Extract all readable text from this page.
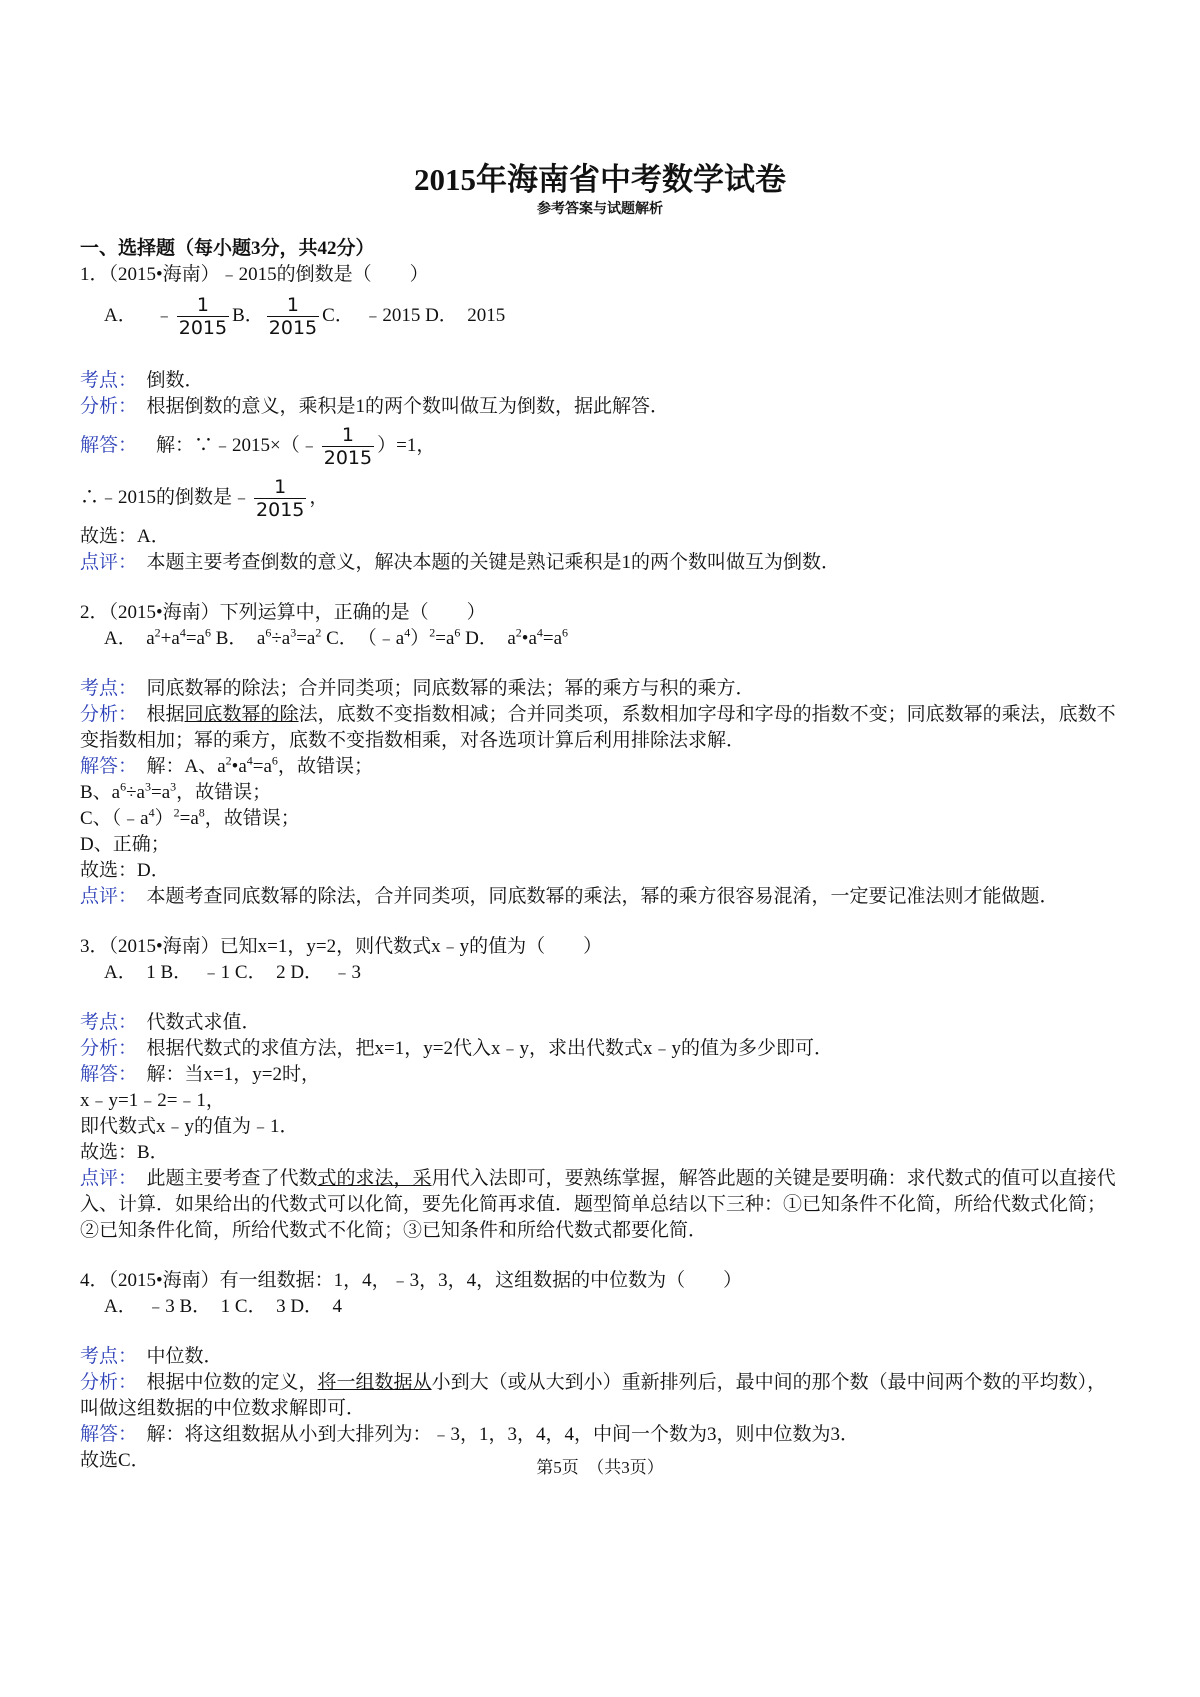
2015年海南省中考数学试卷

参考答案与试题解析

一、选择题（每小题3分，共42分）

1．（2015•海南）﹣2015的倒数是（　　）

A． ﹣ $\frac{1}{2015}$ B． $\frac{1}{2015}$ C．　﹣2015 D．　2015

考点：　 倒数．

分析：　 根据倒数的意义，乘积是1的两个数叫做互为倒数，据此解答．

解答：
　 解：∵﹣2015×（﹣ $\frac{1}{2015} )=1$，

∴﹣2015的倒数是﹣ $\frac{1}{2015}$ ，

故选：A．

点评：　 本题主要考查倒数的意义，解决本题的关键是熟记乘积是1的两个数叫做互为倒数．

2．（2015•海南）下列运算中，正确的是（　　）

A．　$a^2+a^4=a^6$ B．　$a^6\div a^3=a^2$ C．　$(﹣a^4)^2=a^6$ D．　$a^2•a^4=a^6$

考点：　 同底数幂的除法；合并同类项；同底数幂的乘法；幂的乘方与积的乘方．

分析：　 根据同底数幂的除法，底数不变指数相减；合并同类项，系数相加字母和字母的指数不变；同底数幂的乘法，底数不变指数相加；幂的乘方，底数不变指数相乘，对各选项计算后利用排除法求解．

解答：　解：A、$a^2•a^4=a^6$，故错误；

B、$a^6\div a^3=a^3$，故错误；

C、$(﹣a^4)^2=a^8$，故错误；

D、正确；

故选：D．

点评：　 本题考查同底数幂的除法，合并同类项，同底数幂的乘法，幂的乘方很容易混淆，一定要记准法则才能做题．

3．（2015•海南）已知x=1，y=2，则代数式x﹣y的值为（　　）

A．　1 B．　﹣1 C．　2 D．　﹣3

考点：　 代数式求值．

分析：　 根据代数式的求值方法，把x=1，y=2代入x﹣y，求出代数式x﹣y的值为多少即可．

解答：　 解：当x=1，y=2时，

x﹣y=1﹣2=﹣1，

即代数式x﹣y的值为﹣1．

故选：B．

点评：　 此题主要考查了代数式的求法，采用代入法即可，要熟练掌握，解答此题的关键是要明确：求代数式的值可以直接代入、计算．如果给出的代数式可以化简，要先化简再求值．题型简单总结以下三种：①已知条件不化简，所给代数式化简；②已知条件化简，所给代数式不化简；③已知条件和所给代数式都要化简．

4．（2015•海南）有一组数据：1，4，﹣3，3，4，这组数据的中位数为（　　）

A．　﹣3 B．　1 C．　3 D．　4

考点：　 中位数．

分析：　 根据中位数的定义，将一组数据从小到大（或从大到小）重新排列后，最中间的那个数（最中间两个数的平均数），叫做这组数据的中位数求解即可．

解答：　 解：将这组数据从小到大排列为：﹣3，1，3，4，4，中间一个数为3，则中位数为3．

故选C．	第5页　（共3页）
